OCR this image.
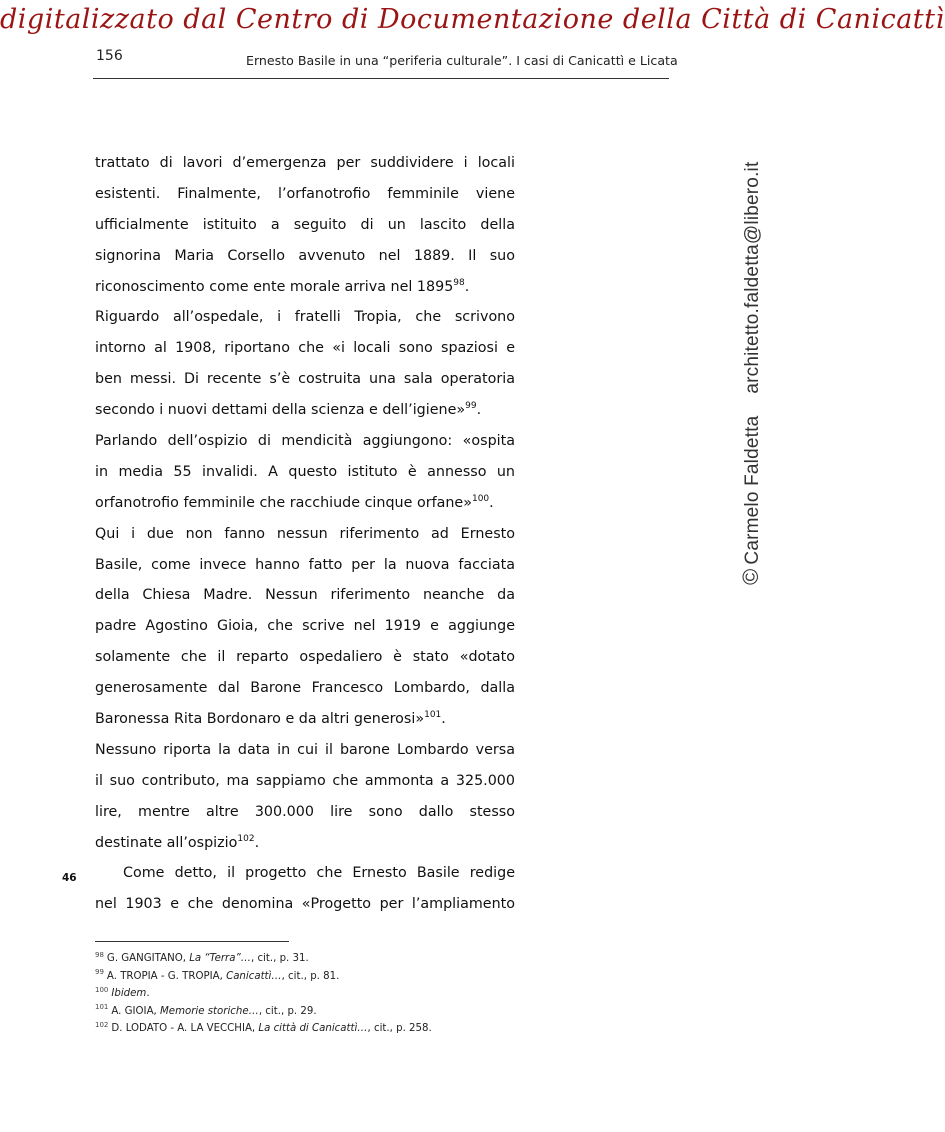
digitalizzato dal Centro di Documentazione della Città di Canicattì
156	Ernesto Basile in una “periferia culturale”. I casi di Canicattì e Licata
trattato di lavori d’emergenza per suddividere i locali
esistenti. Finalmente, l’orfanotrofio femminile viene
ufficialmente istituito a seguito di un lascito della
signorina Maria Corsello avvenuto nel 1889. Il suo
riconoscimento come ente morale arriva nel 1895$^{98}$.
Riguardo all’ospedale, i fratelli Tropia, che scrivono
intorno al 1908, riportano che «i locali sono spaziosi e
ben messi. Di recente s’è costruita una sala operatoria
secondo i nuovi dettami della scienza e dell’igiene»$^{99}$.
Parlando dell’ospizio di mendicità aggiungono: «ospita
in media 55 invalidi. A questo istituto è annesso un
orfanotrofio femminile che racchiude cinque orfane»$^{100}$.
Qui i due non fanno nessun riferimento ad Ernesto
Basile, come invece hanno fatto per la nuova facciata
della Chiesa Madre. Nessun riferimento neanche da
padre Agostino Gioia, che scrive nel 1919 e aggiunge
solamente che il reparto ospedaliero è stato «dotato
generosamente dal Barone Francesco Lombardo, dalla
Baronessa Rita Bordonaro e da altri generosi»$^{101}$.
Nessuno riporta la data in cui il barone Lombardo versa
il suo contributo, ma sappiamo che ammonta a 325.000
lire, mentre altre 300.000 lire sono dallo stesso
destinate all’ospizio$^{102}$.
Come detto, il progetto che Ernesto Basile redige
nel 1903 e che denomina «Progetto per l’ampliamento
46
$^{98}$ G. GANGITANO, La “Terra”…, cit., p. 31.
$^{99}$ A. TROPIA - G. TROPIA, Canicattì…, cit., p. 81.
$^{100}$ Ibidem.
$^{101}$ A. GIOIA, Memorie storiche…, cit., p. 29.
$^{102}$ D. LODATO - A. LA VECCHIA, La città di Canicattì…, cit., p. 258.
©Carmelo Faldettaarchitetto.faldetta@libero.it
